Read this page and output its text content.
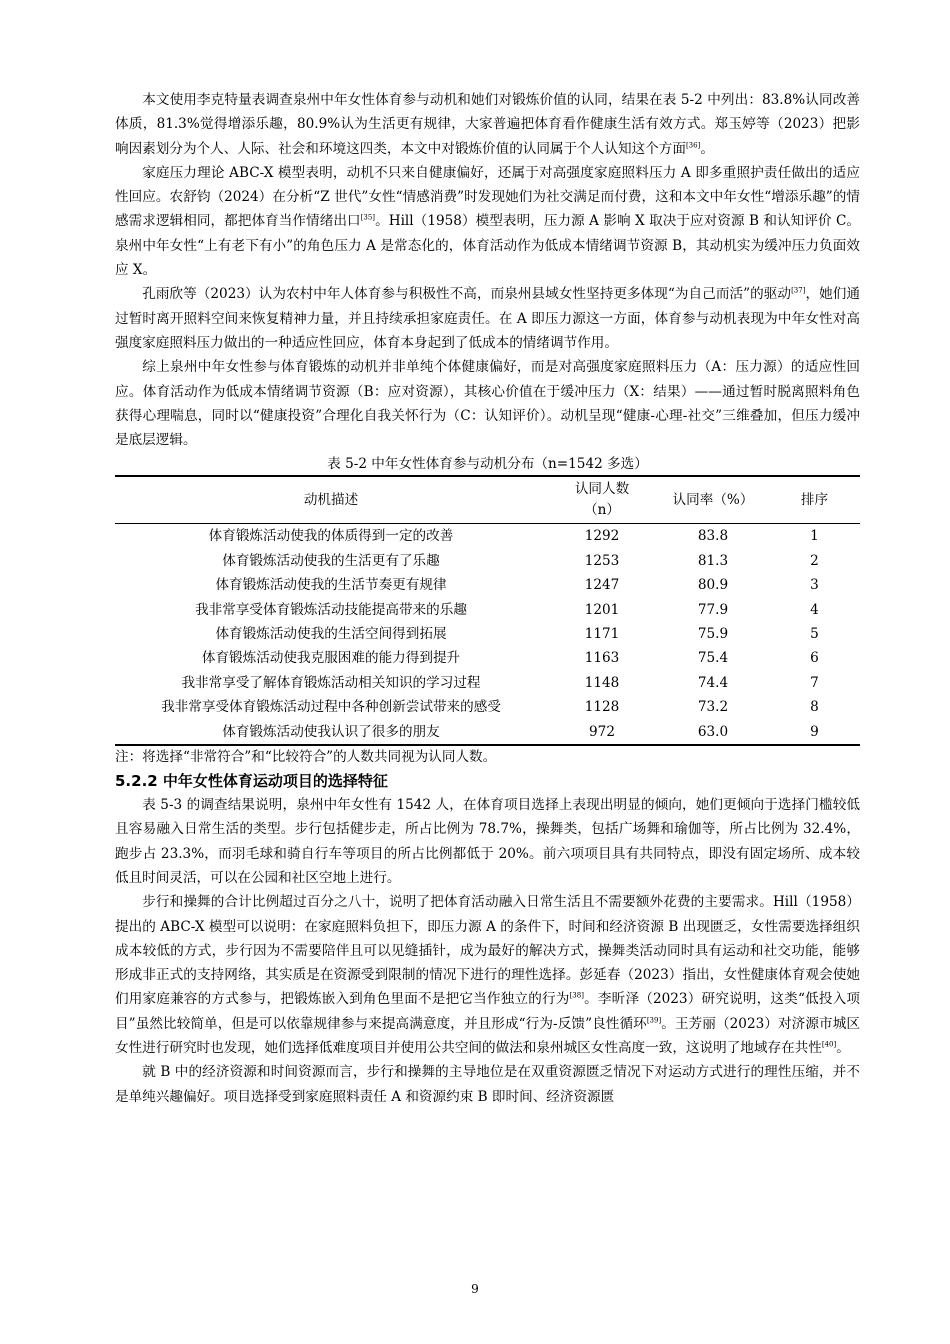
本文使用李克特量表调查泉州中年女性体育参与动机和她们对锻炼价值的认同，结果在表 5-2 中列出：83.8%认同改善体质，81.3%觉得增添乐趣，80.9%认为生活更有规律，大家普遍把体育看作健康生活有效方式。郑玉婷等（2023）把影响因素划分为个人、人际、社会和环境这四类，本文中对锻炼价值的认同属于个人认知这个方面[36]。

家庭压力理论 ABC-X 模型表明，动机不只来自健康偏好，还属于对高强度家庭照料压力 A 即多重照护责任做出的适应性回应。农舒钧（2024）在分析“Z 世代”女性“情感消费”时发现她们为社交满足而付费，这和本文中年女性“增添乐趣”的情感需求逻辑相同，都把体育当作情绪出口[35]。Hill（1958）模型表明，压力源 A 影响 X 取决于应对资源 B 和认知评价 C。泉州中年女性“上有老下有小”的角色压力 A 是常态化的，体育活动作为低成本情绪调节资源 B，其动机实为缓冲压力负面效应 X。

孔雨欣等（2023）认为农村中年人体育参与积极性不高，而泉州县域女性坚持更多体现“为自己而活”的驱动[37]，她们通过暂时离开照料空间来恢复精神力量，并且持续承担家庭责任。在 A 即压力源这一方面，体育参与动机表现为中年女性对高强度家庭照料压力做出的一种适应性回应，体育本身起到了低成本的情绪调节作用。

综上泉州中年女性参与体育锻炼的动机并非单纯个体健康偏好，而是对高强度家庭照料压力（A：压力源）的适应性回应。体育活动作为低成本情绪调节资源（B：应对资源），其核心价值在于缓冲压力（X：结果）——通过暂时脱离照料角色获得心理喘息，同时以“健康投资”合理化自我关怀行为（C：认知评价）。动机呈现“健康-心理-社交”三维叠加，但压力缓冲是底层逻辑。

表 5-2 中年女性体育参与动机分布（n=1542 多选）
动机描述	认同人数
（n）	认同率（%）	排序
体育锻炼活动使我的体质得到一定的改善	1292	83.8	1
体育锻炼活动使我的生活更有了乐趣	1253	81.3	2
体育锻炼活动使我的生活节奏更有规律	1247	80.9	3
我非常享受体育锻炼活动技能提高带来的乐趣	1201	77.9	4
体育锻炼活动使我的生活空间得到拓展	1171	75.9	5
体育锻炼活动使我克服困难的能力得到提升	1163	75.4	6
我非常享受了解体育锻炼活动相关知识的学习过程	1148	74.4	7
我非常享受体育锻炼活动过程中各种创新尝试带来的感受	1128	73.2	8
体育锻炼活动使我认识了很多的朋友	972	63.0	9
注：将选择“非常符合”和“比较符合”的人数共同视为认同人数。
5.2.2 中年女性体育运动项目的选择特征

表 5-3 的调查结果说明，泉州中年女性有 1542 人，在体育项目选择上表现出明显的倾向，她们更倾向于选择门槛较低且容易融入日常生活的类型。步行包括健步走，所占比例为 78.7%，操舞类，包括广场舞和瑜伽等，所占比例为 32.4%，跑步占 23.3%，而羽毛球和骑自行车等项目的所占比例都低于 20%。前六项项目具有共同特点，即没有固定场所、成本较低且时间灵活，可以在公园和社区空地上进行。

步行和操舞的合计比例超过百分之八十，说明了把体育活动融入日常生活且不需要额外花费的主要需求。Hill（1958）提出的 ABC-X 模型可以说明：在家庭照料负担下，即压力源 A 的条件下，时间和经济资源 B 出现匮乏，女性需要选择组织成本较低的方式，步行因为不需要陪伴且可以见缝插针，成为最好的解决方式，操舞类活动同时具有运动和社交功能，能够形成非正式的支持网络，其实质是在资源受到限制的情况下进行的理性选择。彭延春（2023）指出，女性健康体育观会使她们用家庭兼容的方式参与，把锻炼嵌入到角色里面不是把它当作独立的行为[38]。李昕泽（2023）研究说明，这类“低投入项目”虽然比较简单，但是可以依靠规律参与来提高满意度，并且形成“行为-反馈”良性循环[39]。王芳丽（2023）对济源市城区女性进行研究时也发现，她们选择低难度项目并使用公共空间的做法和泉州城区女性高度一致，这说明了地域存在共性[40]。

就 B 中的经济资源和时间资源而言，步行和操舞的主导地位是在双重资源匮乏情况下对运动方式进行的理性压缩，并不是单纯兴趣偏好。项目选择受到家庭照料责任 A 和资源约束 B 即时间、经济资源匮

9
